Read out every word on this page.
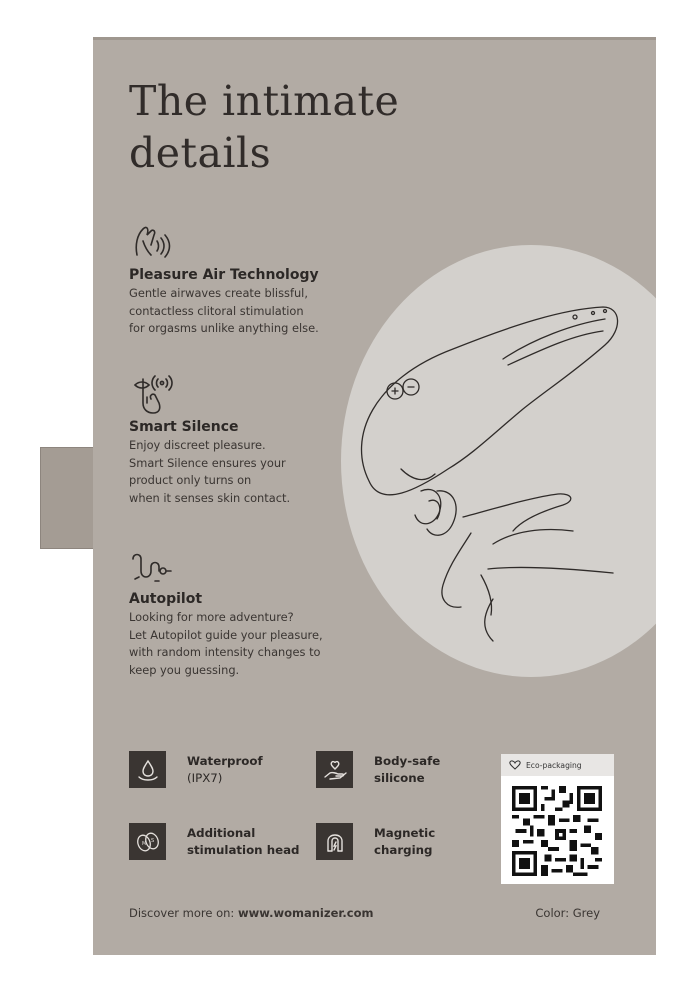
The intimate
details
Pleasure Air Technology

Gentle airwaves create blissful,

contactless clitoral stimulation

for orgasms unlike anything else.

Smart Silence

Enjoy discreet pleasure.

Smart Silence ensures your

product only turns on

when it senses skin contact.

Autopilot

Looking for more adventure?

Let Autopilot guide your pleasure,

with random intensity changes to

keep you guessing.

Waterproof
(IPX7)
Body-safe
silicone
M S
Additional
stimulation head
Magnetic
charging
Eco-packaging
Discover more on: www.womanizer.com	Color: Grey
